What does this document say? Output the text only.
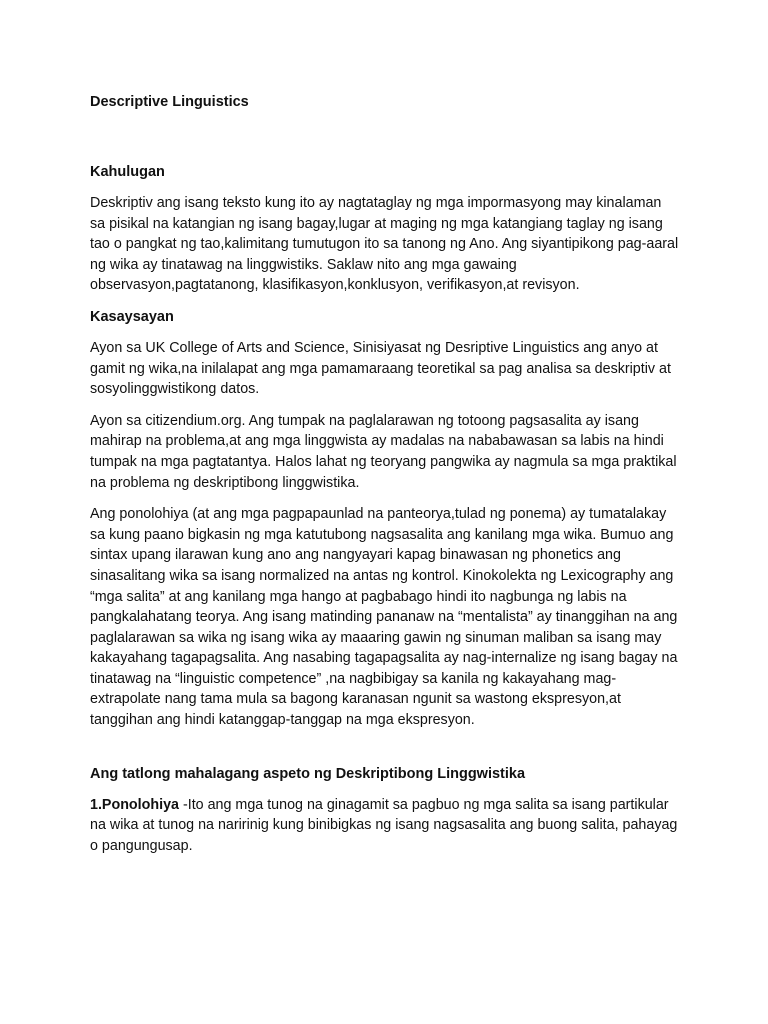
Descriptive Linguistics
Kahulugan

Deskriptiv ang isang teksto kung ito ay nagtataglay ng mga impormasyong may kinalaman sa pisikal na katangian ng isang bagay,lugar at maging ng mga katangiang taglay ng isang tao o pangkat ng tao,kalimitang tumutugon ito sa tanong ng Ano. Ang siyantipikong pag-aaral ng wika ay tinatawag na linggwistiks. Saklaw nito ang mga gawaing observasyon,pagtatanong, klasifikasyon,konklusyon, verifikasyon,at revisyon.

Kasaysayan

Ayon sa UK College of Arts and Science, Sinisiyasat ng Desriptive Linguistics ang anyo at gamit ng wika,na inilalapat ang mga pamamaraang teoretikal sa pag analisa sa deskriptiv at sosyolinggwistikong datos.

Ayon sa citizendium.org. Ang tumpak na paglalarawan ng totoong pagsasalita ay isang mahirap na problema,at ang mga linggwista ay madalas na nababawasan sa labis na hindi tumpak na mga pagtatantya. Halos lahat ng teoryang pangwika ay nagmula sa mga praktikal na problema ng deskriptibong linggwistika.

Ang ponolohiya (at ang mga pagpapaunlad na panteorya,tulad ng ponema) ay tumatalakay sa kung paano bigkasin ng mga katutubong nagsasalita ang kanilang mga wika. Bumuo ang sintax upang ilarawan kung ano ang nangyayari kapag binawasan ng phonetics ang sinasalitang wika sa isang normalized na antas ng kontrol. Kinokolekta ng Lexicography ang “mga salita” at ang kanilang mga hango at pagbabago hindi ito nagbunga ng labis na pangkalahatang teorya. Ang isang matinding pananaw na “mentalista” ay tinanggihan na ang paglalarawan sa wika ng isang wika ay maaaring gawin ng sinuman maliban sa isang may kakayahang tagapagsalita. Ang nasabing tagapagsalita ay nag-internalize ng isang bagay na tinatawag na “linguistic competence” ,na nagbibigay sa kanila ng kakayahang mag-extrapolate nang tama mula sa bagong karanasan ngunit sa wastong ekspresyon,at tanggihan ang hindi katanggap-tanggap na mga ekspresyon.

Ang tatlong mahalagang aspeto ng Deskriptibong Linggwistika

1.Ponolohiya -Ito ang mga tunog na ginagamit sa pagbuo ng mga salita sa isang partikular na wika at tunog na naririnig kung binibigkas ng isang nagsasalita ang buong salita, pahayag o pangungusap.
